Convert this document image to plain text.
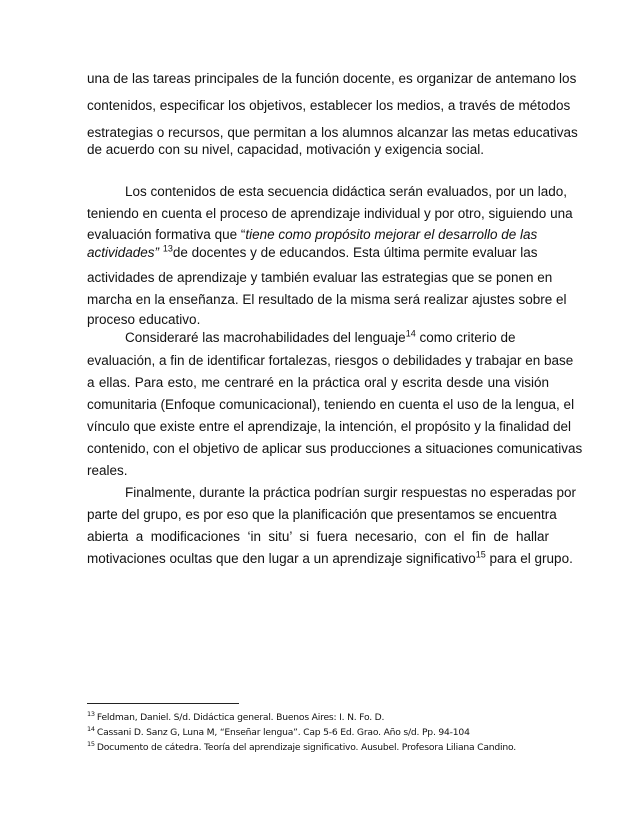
una de las tareas principales de la función docente, es organizar de antemano los
contenidos, especificar los objetivos, establecer los medios, a través de métodos
estrategias o recursos, que permitan a los alumnos alcanzar las metas educativas
de acuerdo con su nivel, capacidad, motivación y exigencia social.
Los contenidos de esta secuencia didáctica serán evaluados, por un lado,
teniendo en cuenta el proceso de aprendizaje individual y por otro, siguiendo una
evaluación formativa que “tiene como propósito mejorar el desarrollo de las
actividades” $^{13}$de docentes y de educandos. Esta última permite evaluar las
actividades de aprendizaje y también evaluar las estrategias que se ponen en
marcha en la enseñanza. El resultado de la misma será realizar ajustes sobre el
proceso educativo.
Consideraré las macrohabilidades del lenguaje$^{14}$ como criterio de
evaluación, a fin de identificar fortalezas, riesgos o debilidades y trabajar en base
a ellas. Para esto, me centraré en la práctica oral y escrita desde una visión
comunitaria (Enfoque comunicacional), teniendo en cuenta el uso de la lengua, el
vínculo que existe entre el aprendizaje, la intención, el propósito y la finalidad del
contenido, con el objetivo de aplicar sus producciones a situaciones comunicativas
reales.
Finalmente, durante la práctica podrían surgir respuestas no esperadas por
parte del grupo, es por eso que la planificación que presentamos se encuentra
abierta a modificaciones ‘in situ’ si fuera necesario, con el fin de hallar
motivaciones ocultas que den lugar a un aprendizaje significativo$^{15}$ para el grupo.
$^{13}$ Feldman, Daniel. S/d. Didáctica general. Buenos Aires: I. N. Fo. D.
$^{14}$ Cassani D. Sanz G, Luna M, “Enseñar lengua”. Cap 5-6 Ed. Grao. Año s/d. Pp. 94-104
$^{15}$ Documento de cátedra. Teoría del aprendizaje significativo. Ausubel. Profesora Liliana Candino.
